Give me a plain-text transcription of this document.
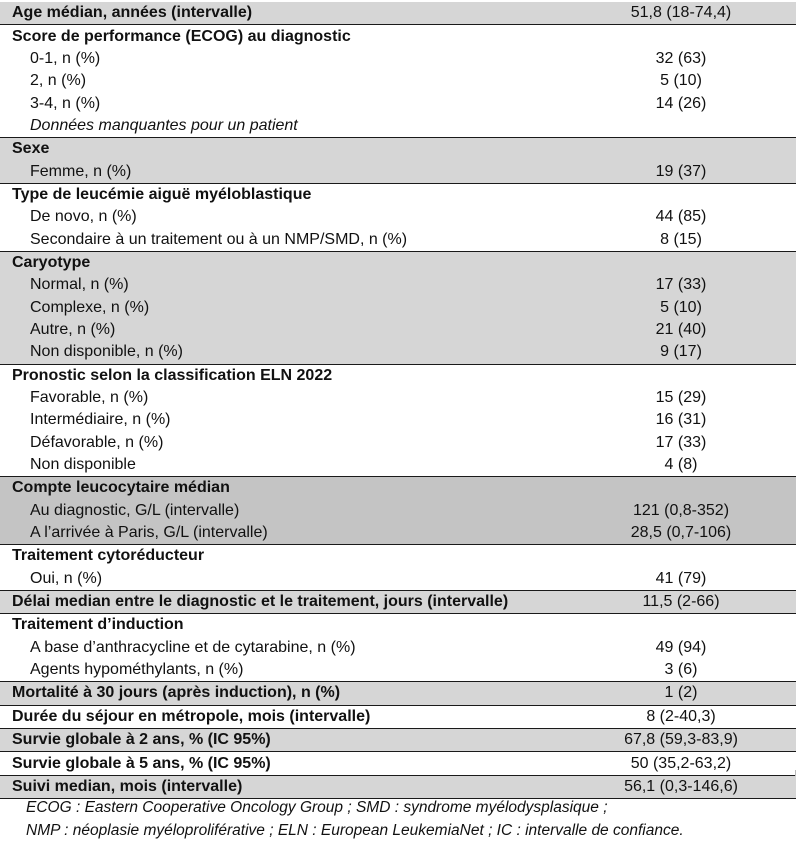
Age médian, années (intervalle)	51,8 (18-74,4)
Score de performance (ECOG) au diagnostic
0-1, n (%)	32 (63)
2, n (%)	5 (10)
3-4, n (%)	14 (26)
Données manquantes pour un patient
Sexe
Femme, n (%)	19 (37)
Type de leucémie aiguë myéloblastique
De novo, n (%)	44 (85)
Secondaire à un traitement ou à un NMP/SMD, n (%)	8 (15)
Caryotype
Normal, n (%)	17 (33)
Complexe, n (%)	5 (10)
Autre, n (%)	21 (40)
Non disponible, n (%)	9 (17)
Pronostic selon la classification ELN 2022
Favorable, n (%)	15 (29)
Intermédiaire, n (%)	16 (31)
Défavorable, n (%)	17 (33)
Non disponible	4 (8)
Compte leucocytaire médian
Au diagnostic, G/L (intervalle)	121 (0,8-352)
A l’arrivée à Paris, G/L (intervalle)	28,5 (0,7-106)
Traitement cytoréducteur
Oui, n (%)	41 (79)
Délai median entre le diagnostic et le traitement, jours (intervalle)	11,5 (2-66)
Traitement d’induction
A base d’anthracycline et de cytarabine, n (%)	49 (94)
Agents hypométhylants, n (%)	3 (6)
Mortalité à 30 jours (après induction), n (%)	1 (2)
Durée du séjour en métropole, mois (intervalle)	8 (2-40,3)
Survie globale à 2 ans, % (IC 95%)	67,8 (59,3-83,9)
Survie globale à 5 ans, % (IC 95%)	50 (35,2-63,2)
Suivi median, mois (intervalle)	56,1 (0,3-146,6)
ECOG : Eastern Cooperative Oncology Group ; SMD : syndrome myélodysplasique ;
NMP : néoplasie myéloproliférative ; ELN : European LeukemiaNet ; IC : intervalle de confiance.
